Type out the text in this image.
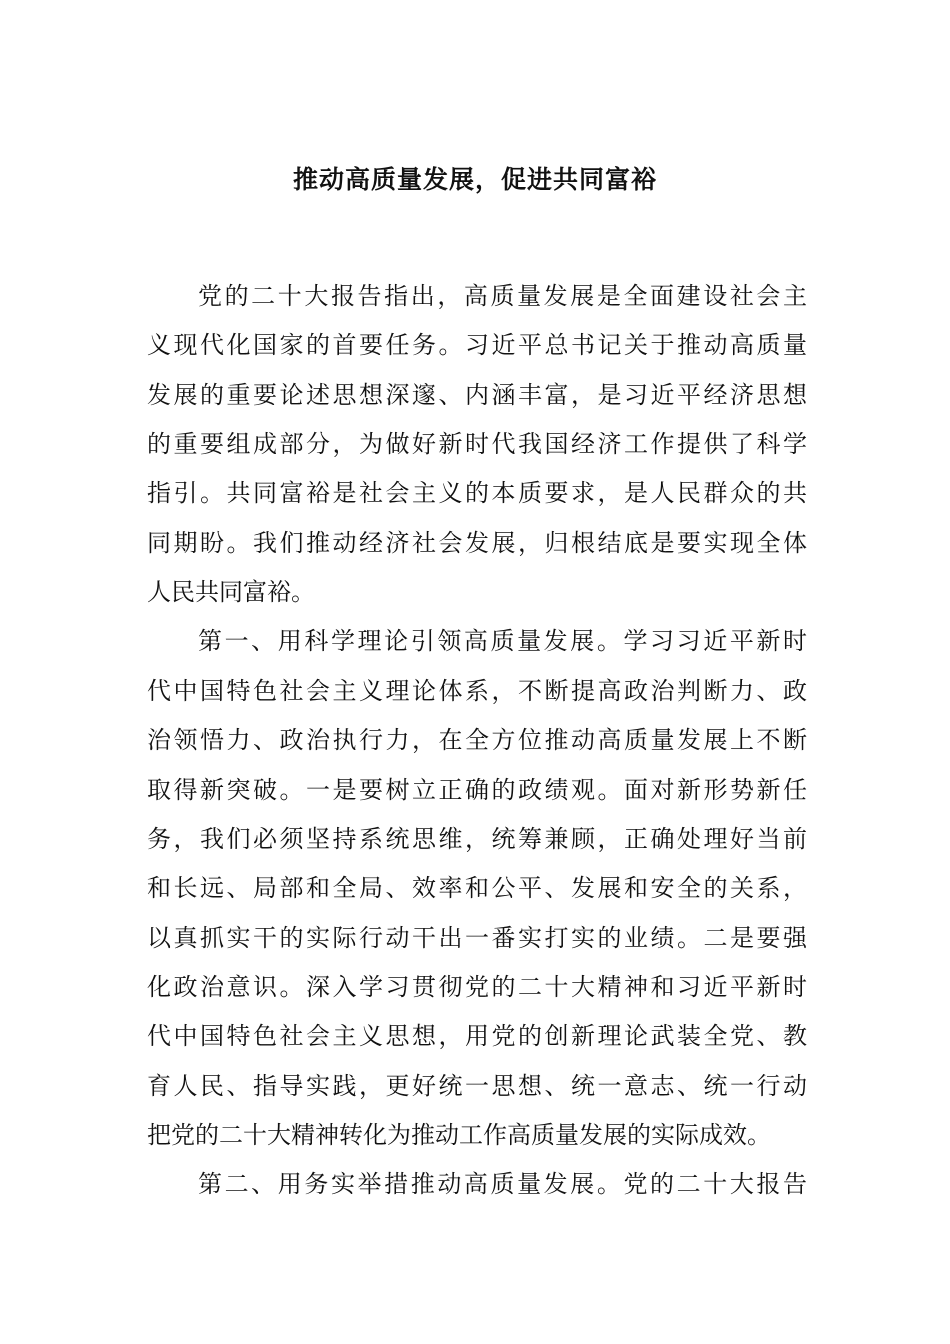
推动高质量发展，促进共同富裕
党的二十大报告指出，高质量发展是全面建设社会主
义现代化国家的首要任务。习近平总书记关于推动高质量
发展的重要论述思想深邃、内涵丰富，是习近平经济思想
的重要组成部分，为做好新时代我国经济工作提供了科学
指引。共同富裕是社会主义的本质要求，是人民群众的共
同期盼。我们推动经济社会发展，归根结底是要实现全体
人民共同富裕。
第一、用科学理论引领高质量发展。学习习近平新时
代中国特色社会主义理论体系，不断提高政治判断力、政
治领悟力、政治执行力，在全方位推动高质量发展上不断
取得新突破。一是要树立正确的政绩观。面对新形势新任
务，我们必须坚持系统思维，统筹兼顾，正确处理好当前
和长远、局部和全局、效率和公平、发展和安全的关系，
以真抓实干的实际行动干出一番实打实的业绩。二是要强
化政治意识。深入学习贯彻党的二十大精神和习近平新时
代中国特色社会主义思想，用党的创新理论武装全党、教
育人民、指导实践，更好统一思想、统一意志、统一行动
把党的二十大精神转化为推动工作高质量发展的实际成效。
第二、用务实举措推动高质量发展。党的二十大报告
